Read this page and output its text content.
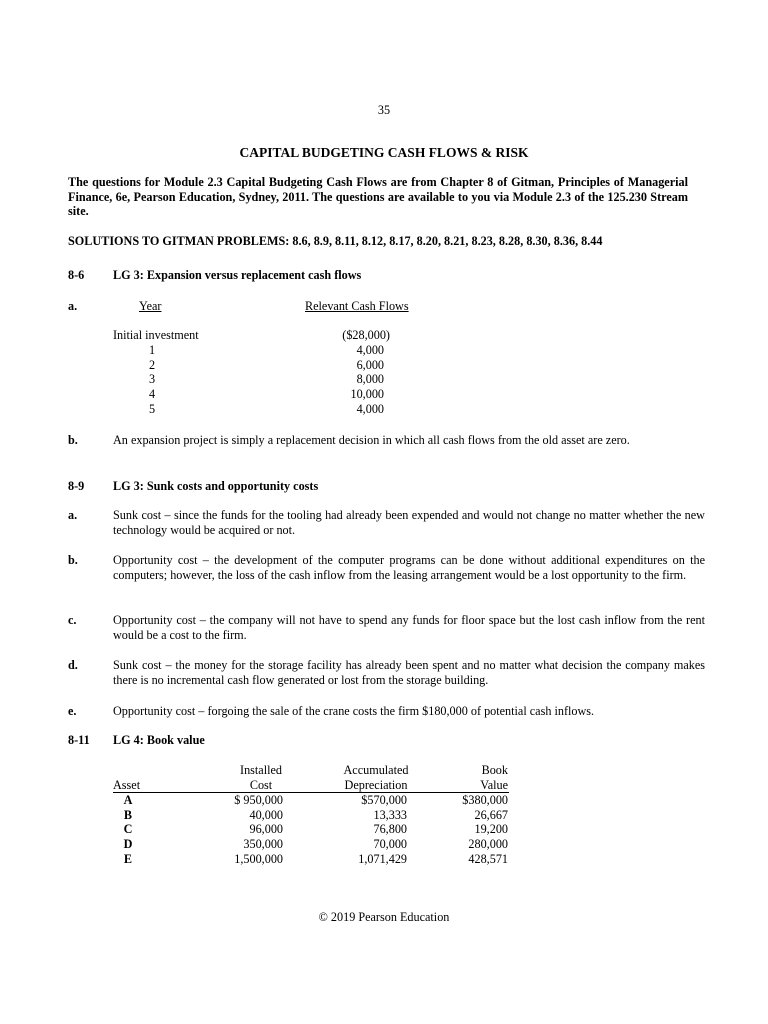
35
CAPITAL BUDGETING CASH FLOWS & RISK
The questions for Module 2.3 Capital Budgeting Cash Flows are from Chapter 8 of Gitman, Principles of Managerial Finance, 6e, Pearson Education, Sydney, 2011. The questions are available to you via Module 2.3 of the 125.230 Stream site.
SOLUTIONS TO GITMAN PROBLEMS: 8.6, 8.9, 8.11, 8.12, 8.17, 8.20, 8.21, 8.23, 8.28, 8.30, 8.36, 8.44
8-6 LG 3: Expansion versus replacement cash flows
a.	Year	Relevant Cash Flows
Initial investment	($28,000)
1	4,000
2	6,000
3	8,000
4	10,000
5	4,000
b.	An expansion project is simply a replacement decision in which all cash flows from the old asset are zero.
8-9 LG 3: Sunk costs and opportunity costs
a.	Sunk cost – since the funds for the tooling had already been expended and would not change no matter whether the new technology would be acquired or not.
b.	Opportunity cost – the development of the computer programs can be done without additional expenditures on the computers; however, the loss of the cash inflow from the leasing arrangement would be a lost opportunity to the firm.
c.	Opportunity cost – the company will not have to spend any funds for floor space but the lost cash inflow from the rent would be a cost to the firm.
d.	Sunk cost – the money for the storage facility has already been spent and no matter what decision the company makes there is no incremental cash flow generated or lost from the storage building.
e.	Opportunity cost – forgoing the sale of the crane costs the firm $180,000 of potential cash inflows.
8-11 LG 4: Book value
Installed	Accumulated	Book
Asset	Cost	Depreciation	Value
A	$ 950,000	$570,000	$380,000
B	40,000	13,333	26,667
C	96,000	76,800	19,200
D	350,000	70,000	280,000
E	1,500,000	1,071,429	428,571
© 2019 Pearson Education
